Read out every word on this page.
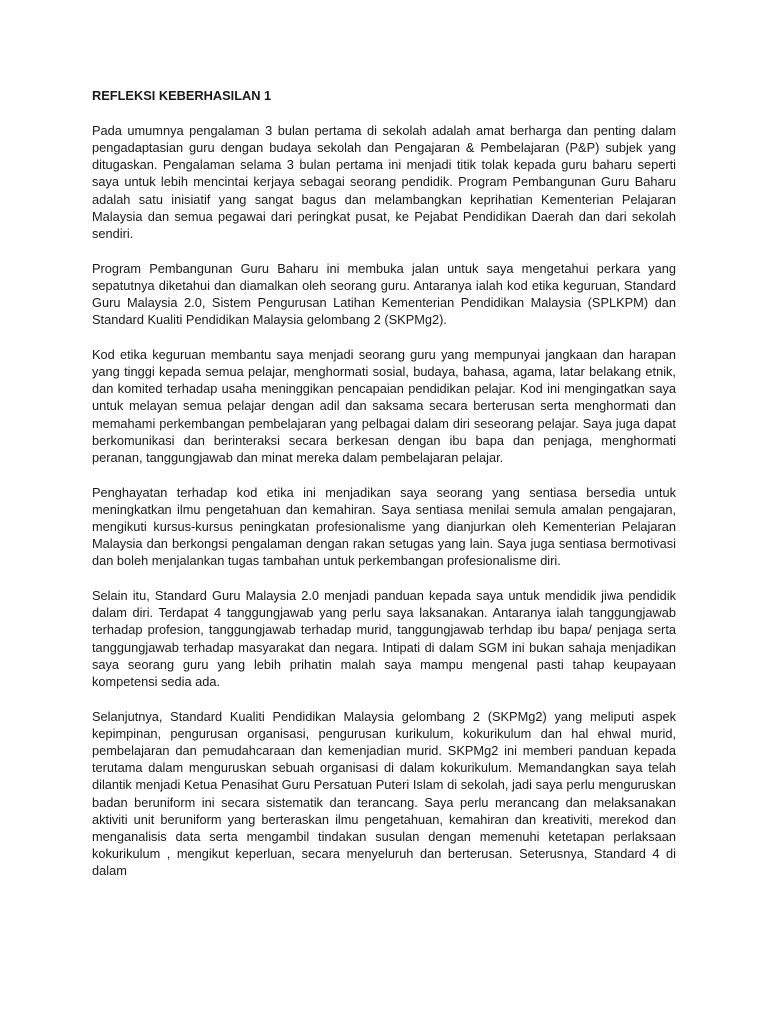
REFLEKSI KEBERHASILAN 1

Pada umumnya pengalaman 3 bulan pertama di sekolah adalah amat berharga dan penting dalam pengadaptasian guru dengan budaya sekolah dan Pengajaran & Pembelajaran (P&P) subjek yang ditugaskan. Pengalaman selama 3 bulan pertama ini menjadi titik tolak kepada guru baharu seperti saya untuk lebih mencintai kerjaya sebagai seorang pendidik. Program Pembangunan Guru Baharu adalah satu inisiatif yang sangat bagus dan melambangkan keprihatian Kementerian Pelajaran Malaysia dan semua pegawai dari peringkat pusat, ke Pejabat Pendidikan Daerah dan dari sekolah sendiri.

Program Pembangunan Guru Baharu ini membuka jalan untuk saya mengetahui perkara yang sepatutnya diketahui dan diamalkan oleh seorang guru. Antaranya ialah kod etika keguruan, Standard Guru Malaysia 2.0, Sistem Pengurusan Latihan Kementerian Pendidikan Malaysia (SPLKPM) dan Standard Kualiti Pendidikan Malaysia gelombang 2 (SKPMg2).

Kod etika keguruan membantu saya menjadi seorang guru yang mempunyai jangkaan dan harapan yang tinggi kepada semua pelajar, menghormati sosial, budaya, bahasa, agama, latar belakang etnik, dan komited terhadap usaha meninggikan pencapaian pendidikan pelajar. Kod ini mengingatkan saya untuk melayan semua pelajar dengan adil dan saksama secara berterusan serta menghormati dan memahami perkembangan pembelajaran yang pelbagai dalam diri seseorang pelajar. Saya juga dapat berkomunikasi dan berinteraksi secara berkesan dengan ibu bapa dan penjaga, menghormati peranan, tanggungjawab dan minat mereka dalam pembelajaran pelajar.

Penghayatan terhadap kod etika ini menjadikan saya seorang yang sentiasa bersedia untuk meningkatkan ilmu pengetahuan dan kemahiran. Saya sentiasa menilai semula amalan pengajaran, mengikuti kursus-kursus peningkatan profesionalisme yang dianjurkan oleh Kementerian Pelajaran Malaysia dan berkongsi pengalaman dengan rakan setugas yang lain. Saya juga sentiasa bermotivasi dan boleh menjalankan tugas tambahan untuk perkembangan profesionalisme diri.

Selain itu, Standard Guru Malaysia 2.0 menjadi panduan kepada saya untuk mendidik jiwa pendidik dalam diri. Terdapat 4 tanggungjawab yang perlu saya laksanakan. Antaranya ialah tanggungjawab terhadap profesion, tanggungjawab terhadap murid, tanggungjawab terhdap ibu bapa/ penjaga serta tanggungjawab terhadap masyarakat dan negara. Intipati di dalam SGM ini bukan sahaja menjadikan saya seorang guru yang lebih prihatin malah saya mampu mengenal pasti tahap keupayaan kompetensi sedia ada.

Selanjutnya, Standard Kualiti Pendidikan Malaysia gelombang 2 (SKPMg2) yang meliputi aspek kepimpinan, pengurusan organisasi, pengurusan kurikulum, kokurikulum dan hal ehwal murid, pembelajaran dan pemudahcaraan dan kemenjadian murid. SKPMg2 ini memberi panduan kepada terutama dalam menguruskan sebuah organisasi di dalam kokurikulum. Memandangkan saya telah dilantik menjadi Ketua Penasihat Guru Persatuan Puteri Islam di sekolah, jadi saya perlu menguruskan badan beruniform ini secara sistematik dan terancang. Saya perlu merancang dan melaksanakan aktiviti unit beruniform yang berteraskan ilmu pengetahuan, kemahiran dan kreativiti, merekod dan menganalisis data serta mengambil tindakan susulan dengan memenuhi ketetapan perlaksaan kokurikulum , mengikut keperluan, secara menyeluruh dan berterusan. Seterusnya, Standard 4 di dalam
